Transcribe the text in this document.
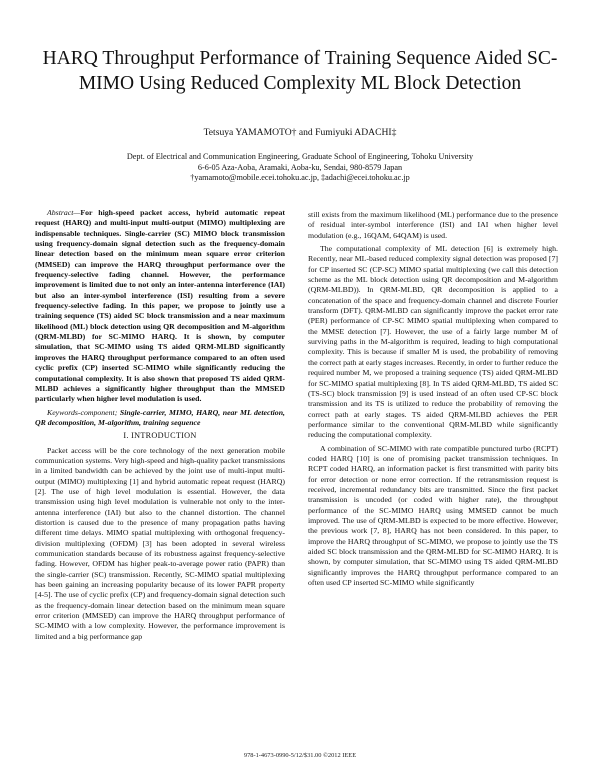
HARQ Throughput Performance of Training Sequence Aided SC-MIMO Using Reduced Complexity ML Block Detection
Tetsuya YAMAMOTO† and Fumiyuki ADACHI‡
Dept. of Electrical and Communication Engineering, Graduate School of Engineering, Tohoku University
6-6-05 Aza-Aoba, Aramaki, Aoba-ku, Sendai, 980-8579 Japan
†yamamoto@mobile.ecei.tohoku.ac.jp, ‡adachi@ecei.tohoku.ac.jp

Abstract—For high-speed packet access, hybrid automatic repeat request (HARQ) and multi-input multi-output (MIMO) multiplexing are indispensable techniques. Single-carrier (SC) MIMO block transmission using frequency-domain signal detection such as the frequency-domain linear detection based on the minimum mean square error criterion (MMSED) can improve the HARQ throughput performance over the frequency-selective fading channel. However, the performance improvement is limited due to not only an inter-antenna interference (IAI) but also an inter-symbol interference (ISI) resulting from a severe frequency-selective fading. In this paper, we propose to jointly use a training sequence (TS) aided SC block transmission and a near maximum likelihood (ML) block detection using QR decomposition and M-algorithm (QRM-MLBD) for SC-MIMO HARQ. It is shown, by computer simulation, that SC-MIMO using TS aided QRM-MLBD significantly improves the HARQ throughput performance compared to an often used cyclic prefix (CP) inserted SC-MIMO while significantly reducing the computational complexity. It is also shown that proposed TS aided QRM-MLBD achieves a significantly higher throughput than the MMSED particularly when higher level modulation is used.

Keywords-component; Single-carrier, MIMO, HARQ, near ML detection, QR decomposition, M-algorithm, training sequence

I. INTRODUCTION

Packet access will be the core technology of the next generation mobile communication systems. Very high-speed and high-quality packet transmissions in a limited bandwidth can be achieved by the joint use of multi-input multi-output (MIMO) multiplexing [1] and hybrid automatic repeat request (HARQ) [2]. The use of high level modulation is essential. However, the data transmission using high level modulation is vulnerable not only to the inter-antenna interference (IAI) but also to the channel distortion. The channel distortion is caused due to the presence of many propagation paths having different time delays. MIMO spatial multiplexing with orthogonal frequency-division multiplexing (OFDM) [3] has been adopted in several wireless communication standards because of its robustness against frequency-selective fading. However, OFDM has higher peak-to-average power ratio (PAPR) than the single-carrier (SC) transmission. Recently, SC-MIMO spatial multiplexing has been gaining an increasing popularity because of its lower PAPR property [4-5]. The use of cyclic prefix (CP) and frequency-domain signal detection such as the frequency-domain linear detection based on the minimum mean square error criterion (MMSED) can improve the HARQ throughput performance of SC-MIMO with a low complexity. However, the performance improvement is limited and a big performance gap

still exists from the maximum likelihood (ML) performance due to the presence of residual inter-symbol interference (ISI) and IAI when higher level modulation (e.g., 16QAM, 64QAM) is used.

The computational complexity of ML detection [6] is extremely high. Recently, near ML-based reduced complexity signal detection was proposed [7] for CP inserted SC (CP-SC) MIMO spatial multiplexing (we call this detection scheme as the ML block detection using QR decomposition and M-algorithm (QRM-MLBD)). In QRM-MLBD, QR decomposition is applied to a concatenation of the space and frequency-domain channel and discrete Fourier transform (DFT). QRM-MLBD can significantly improve the packet error rate (PER) performance of CP-SC MIMO spatial multiplexing when compared to the MMSE detection [7]. However, the use of a fairly large number M of surviving paths in the M-algorithm is required, leading to high computational complexity. This is because if smaller M is used, the probability of removing the correct path at early stages increases. Recently, in order to further reduce the required number M, we proposed a training sequence (TS) aided QRM-MLBD for SC-MIMO spatial multiplexing [8]. In TS aided QRM-MLBD, TS aided SC (TS-SC) block transmission [9] is used instead of an often used CP-SC block transmission and its TS is utilized to reduce the probability of removing the correct path at early stages. TS aided QRM-MLBD achieves the PER performance similar to the conventional QRM-MLBD while significantly reducing the computational complexity.

A combination of SC-MIMO with rate compatible punctured turbo (RCPT) coded HARQ [10] is one of promising packet transmission techniques. In RCPT coded HARQ, an information packet is first transmitted with parity bits for error detection or none error correction. If the retransmission request is received, incremental redundancy bits are transmitted. Since the first packet transmission is uncoded (or coded with higher rate), the throughput performance of the SC-MIMO HARQ using MMSED cannot be much improved. The use of QRM-MLBD is expected to be more effective. However, the previous work [7, 8], HARQ has not been considered. In this paper, to improve the HARQ throughput of SC-MIMO, we propose to jointly use the TS aided SC block transmission and the QRM-MLBD for SC-MIMO HARQ. It is shown, by computer simulation, that SC-MIMO using TS aided QRM-MLBD significantly improves the HARQ throughput performance compared to an often used CP inserted SC-MIMO while significantly

978-1-4673-0990-5/12/$31.00 ©2012 IEEE
